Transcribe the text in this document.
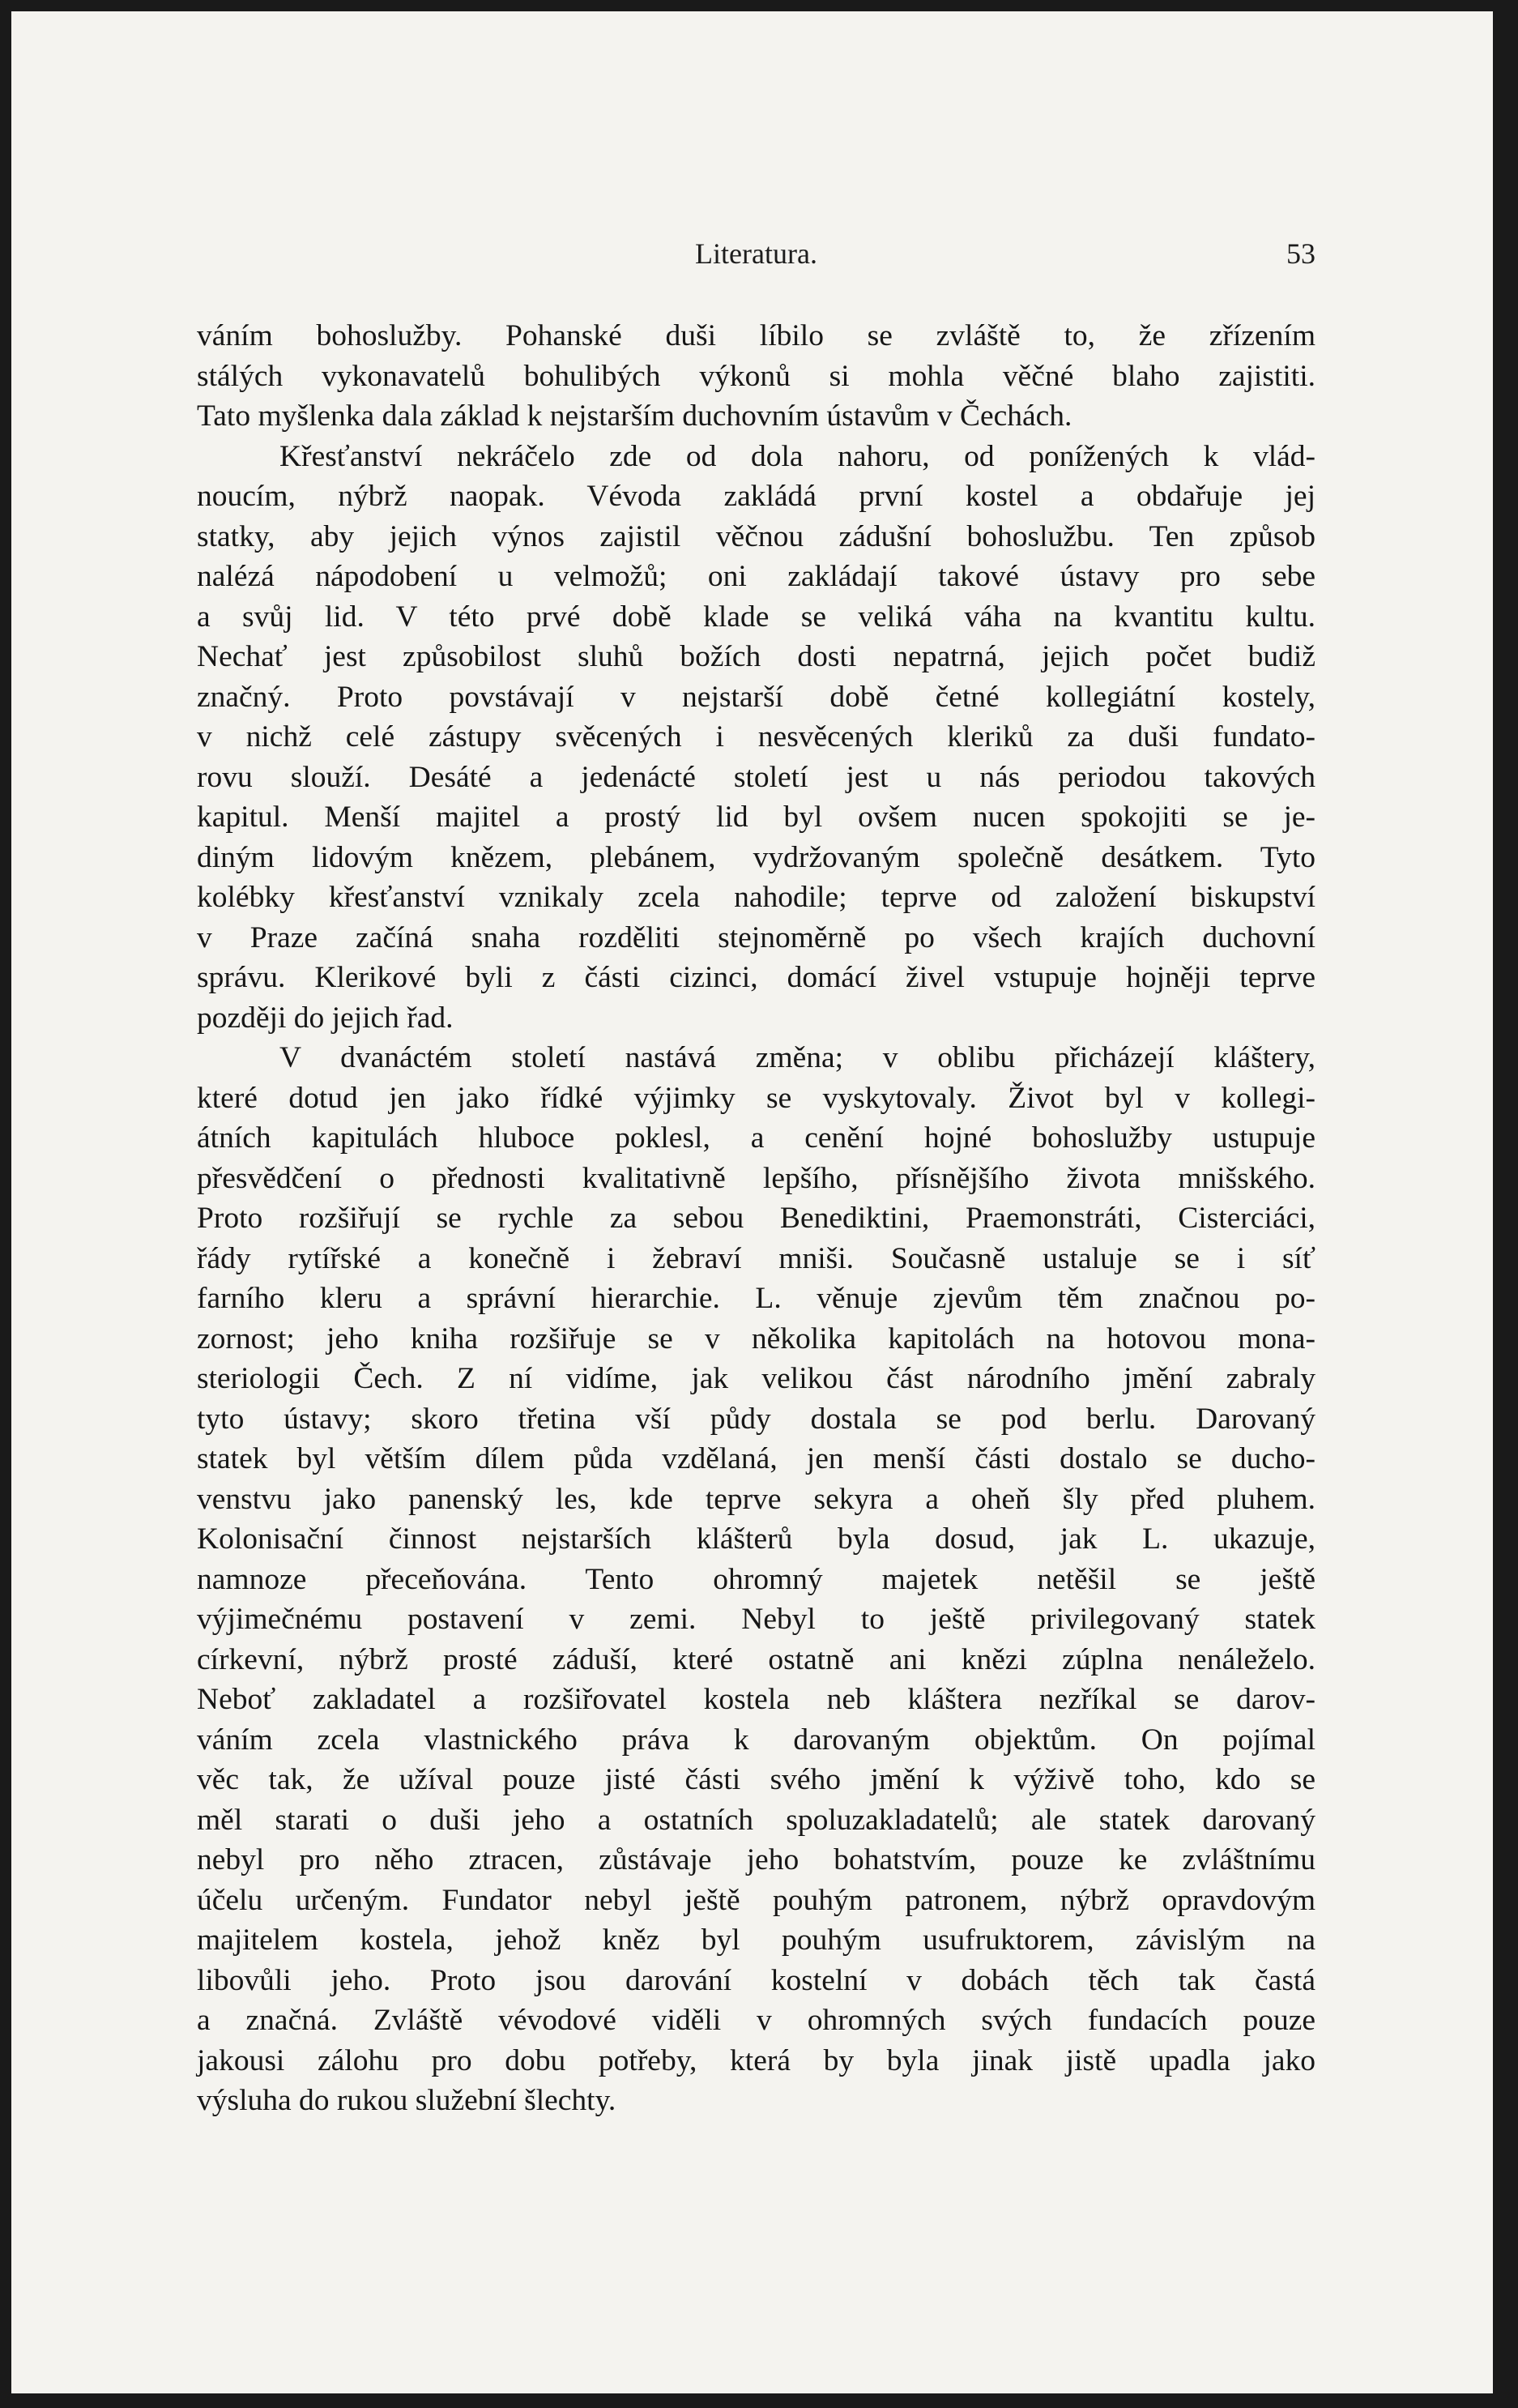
Literatura.	53
váním bohoslužby. Pohanské duši líbilo se zvláště to, že zřízením
stálých vykonavatelů bohulibých výkonů si mohla věčné blaho zajistiti.
Tato myšlenka dala základ k nejstarším duchovním ústavům v Čechách.
Křesťanství nekráčelo zde od dola nahoru, od ponížených k vlád-
noucím, nýbrž naopak. Vévoda zakládá první kostel a obdařuje jej
statky, aby jejich výnos zajistil věčnou zádušní bohoslužbu. Ten způsob
nalézá nápodobení u velmožů; oni zakládají takové ústavy pro sebe
a svůj lid. V této prvé době klade se veliká váha na kvantitu kultu.
Nechať jest způsobilost sluhů božích dosti nepatrná, jejich počet budiž
značný. Proto povstávají v nejstarší době četné kollegiátní kostely,
v nichž celé zástupy svěcených i nesvěcených kleriků za duši fundato-
rovu slouží. Desáté a jedenácté století jest u nás periodou takových
kapitul. Menší majitel a prostý lid byl ovšem nucen spokojiti se je-
diným lidovým knězem, plebánem, vydržovaným společně desátkem. Tyto
kolébky křesťanství vznikaly zcela nahodile; teprve od založení biskupství
v Praze začíná snaha rozděliti stejnoměrně po všech krajích duchovní
správu. Klerikové byli z části cizinci, domácí živel vstupuje hojněji teprve
později do jejich řad.
V dvanáctém století nastává změna; v oblibu přicházejí kláštery,
které dotud jen jako řídké výjimky se vyskytovaly. Život byl v kollegi-
átních kapitulách hluboce poklesl, a cenění hojné bohoslužby ustupuje
přesvědčení o přednosti kvalitativně lepšího, přísnějšího života mnišského.
Proto rozšiřují se rychle za sebou Benediktini, Praemonstráti, Cisterciáci,
řády rytířské a konečně i žebraví mniši. Současně ustaluje se i síť
farního kleru a správní hierarchie. L. věnuje zjevům těm značnou po-
zornost; jeho kniha rozšiřuje se v několika kapitolách na hotovou mona-
steriologii Čech. Z ní vidíme, jak velikou část národního jmění zabraly
tyto ústavy; skoro třetina vší půdy dostala se pod berlu. Darovaný
statek byl větším dílem půda vzdělaná, jen menší části dostalo se ducho-
venstvu jako panenský les, kde teprve sekyra a oheň šly před pluhem.
Kolonisační činnost nejstarších klášterů byla dosud, jak L. ukazuje,
namnoze přeceňována. Tento ohromný majetek netěšil se ještě
výjimečnému postavení v zemi. Nebyl to ještě privilegovaný statek
církevní, nýbrž prosté záduší, které ostatně ani knězi zúplna nenáleželo.
Neboť zakladatel a rozšiřovatel kostela neb kláštera nezříkal se darov-
váním zcela vlastnického práva k darovaným objektům. On pojímal
věc tak, že užíval pouze jisté části svého jmění k výživě toho, kdo se
měl starati o duši jeho a ostatních spoluzakladatelů; ale statek darovaný
nebyl pro něho ztracen, zůstávaje jeho bohatstvím, pouze ke zvláštnímu
účelu určeným. Fundator nebyl ještě pouhým patronem, nýbrž opravdovým
majitelem kostela, jehož kněz byl pouhým usufruktorem, závislým na
libovůli jeho. Proto jsou darování kostelní v dobách těch tak častá
a značná. Zvláště vévodové viděli v ohromných svých fundacích pouze
jakousi zálohu pro dobu potřeby, která by byla jinak jistě upadla jako
výsluha do rukou služební šlechty.
